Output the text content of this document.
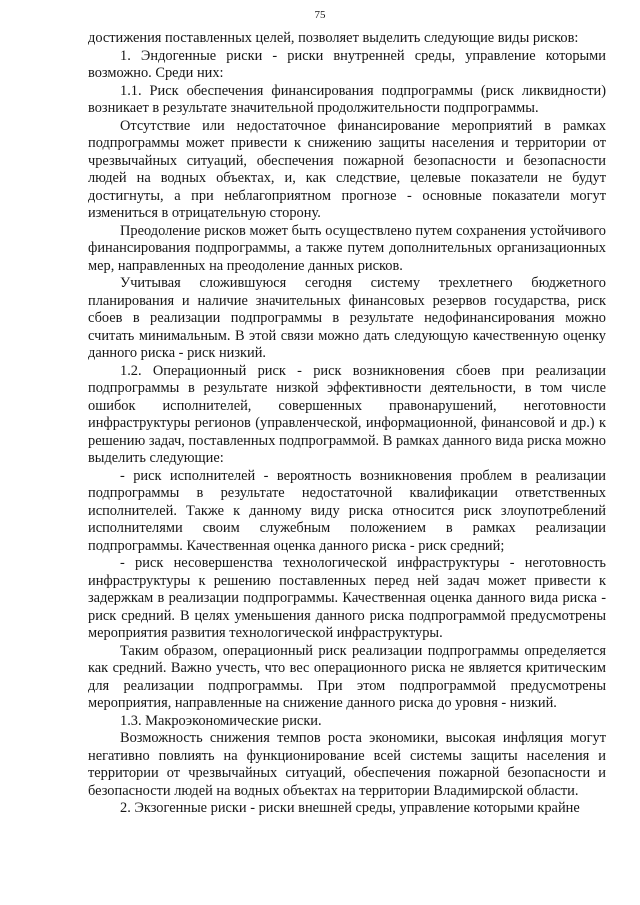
75

достижения поставленных целей, позволяет выделить следующие виды рисков:

1. Эндогенные риски - риски внутренней среды, управление которыми возможно. Среди них:

1.1. Риск обеспечения финансирования подпрограммы (риск ликвидности) возникает в результате значительной продолжительности подпрограммы.

Отсутствие или недостаточное финансирование мероприятий в рамках подпрограммы может привести к снижению защиты населения и территории от чрезвычайных ситуаций, обеспечения пожарной безопасности и безопасности людей на водных объектах, и, как следствие, целевые показатели не будут достигнуты, а при неблагоприятном прогнозе - основные показатели могут измениться в отрицательную сторону.

Преодоление рисков может быть осуществлено путем сохранения устойчивого финансирования подпрограммы, а также путем дополнительных организационных мер, направленных на преодоление данных рисков.

Учитывая сложившуюся сегодня систему трехлетнего бюджетного планирования и наличие значительных финансовых резервов государства, риск сбоев в реализации подпрограммы в результате недофинансирования можно считать минимальным. В этой связи можно дать следующую качественную оценку данного риска - риск низкий.

1.2. Операционный риск - риск возникновения сбоев при реализации подпрограммы в результате низкой эффективности деятельности, в том числе ошибок исполнителей, совершенных правонарушений, неготовности инфраструктуры регионов (управленческой, информационной, финансовой и др.) к решению задач, поставленных подпрограммой. В рамках данного вида риска можно выделить следующие:

- риск исполнителей - вероятность возникновения проблем в реализации подпрограммы в результате недостаточной квалификации ответственных исполнителей. Также к данному виду риска относится риск злоупотреблений исполнителями своим служебным положением в рамках реализации подпрограммы. Качественная оценка данного риска - риск средний;

- риск несовершенства технологической инфраструктуры - неготовность инфраструктуры к решению поставленных перед ней задач может привести к задержкам в реализации подпрограммы. Качественная оценка данного вида риска - риск средний. В целях уменьшения данного риска подпрограммой предусмотрены мероприятия развития технологической инфраструктуры.

Таким образом, операционный риск реализации подпрограммы определяется как средний. Важно учесть, что вес операционного риска не является критическим для реализации подпрограммы. При этом подпрограммой предусмотрены мероприятия, направленные на снижение данного риска до уровня - низкий.

1.3. Макроэкономические риски.

Возможность снижения темпов роста экономики, высокая инфляция могут негативно повлиять на функционирование всей системы защиты населения и территории от чрезвычайных ситуаций, обеспечения пожарной безопасности и безопасности людей на водных объектах на территории Владимирской области.

2. Экзогенные риски - риски внешней среды, управление которыми крайне
